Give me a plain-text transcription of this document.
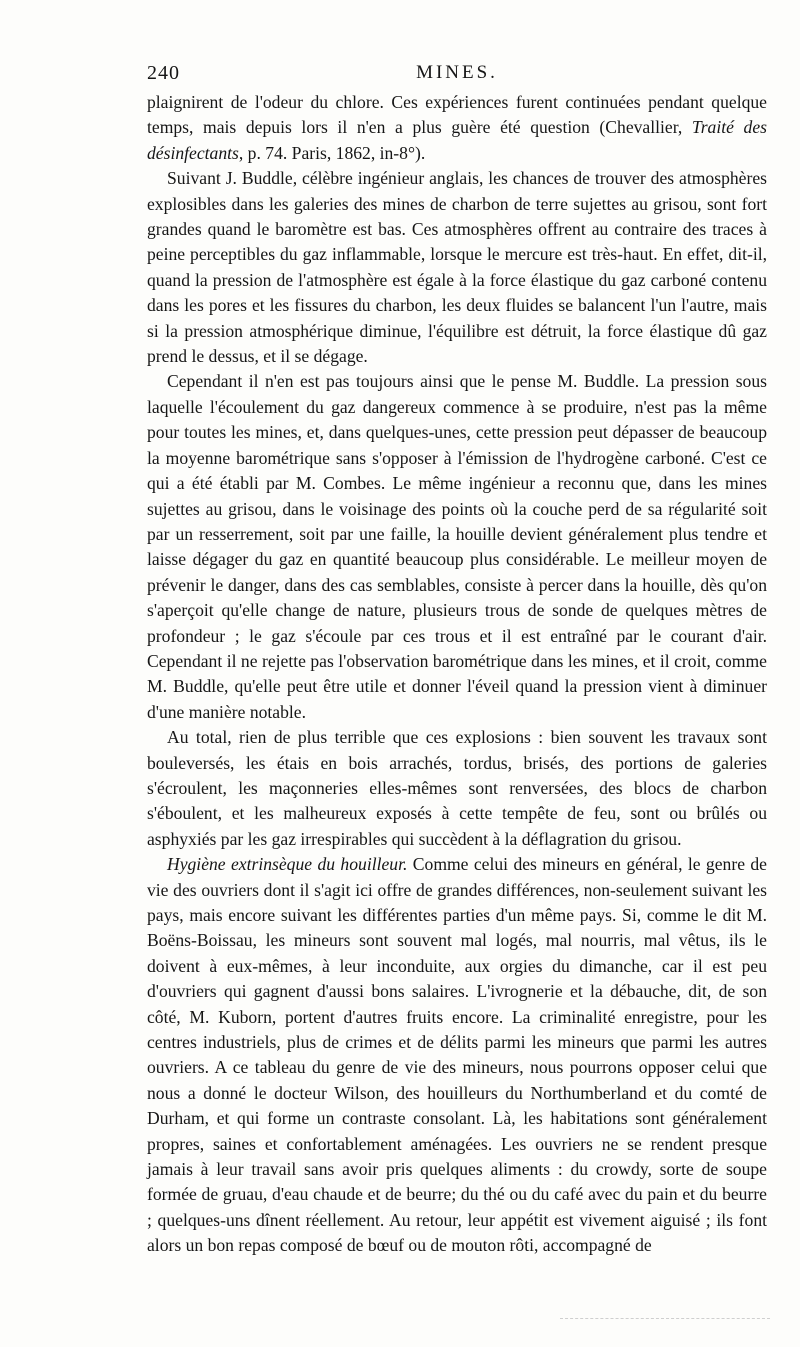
240	MINES.

plaignirent de l'odeur du chlore. Ces expériences furent continuées pendant quelque temps, mais depuis lors il n'en a plus guère été question (Chevallier, Traité des désinfectants, p. 74. Paris, 1862, in-8°).

Suivant J. Buddle, célèbre ingénieur anglais, les chances de trouver des atmosphères explosibles dans les galeries des mines de charbon de terre sujettes au grisou, sont fort grandes quand le baromètre est bas. Ces atmosphères offrent au contraire des traces à peine perceptibles du gaz inflammable, lorsque le mercure est très-haut. En effet, dit-il, quand la pression de l'atmosphère est égale à la force élastique du gaz carboné contenu dans les pores et les fissures du charbon, les deux fluides se balancent l'un l'autre, mais si la pression atmosphérique diminue, l'équilibre est détruit, la force élastique dû gaz prend le dessus, et il se dégage.

Cependant il n'en est pas toujours ainsi que le pense M. Buddle. La pression sous laquelle l'écoulement du gaz dangereux commence à se produire, n'est pas la même pour toutes les mines, et, dans quelques-unes, cette pression peut dépasser de beaucoup la moyenne barométrique sans s'opposer à l'émission de l'hydrogène carboné. C'est ce qui a été établi par M. Combes. Le même ingénieur a reconnu que, dans les mines sujettes au grisou, dans le voisinage des points où la couche perd de sa régularité soit par un resserrement, soit par une faille, la houille devient généralement plus tendre et laisse dégager du gaz en quantité beaucoup plus considérable. Le meilleur moyen de prévenir le danger, dans des cas semblables, consiste à percer dans la houille, dès qu'on s'aperçoit qu'elle change de nature, plusieurs trous de sonde de quelques mètres de profondeur ; le gaz s'écoule par ces trous et il est entraîné par le courant d'air. Cependant il ne rejette pas l'observation barométrique dans les mines, et il croit, comme M. Buddle, qu'elle peut être utile et donner l'éveil quand la pression vient à diminuer d'une manière notable.

Au total, rien de plus terrible que ces explosions : bien souvent les travaux sont bouleversés, les étais en bois arrachés, tordus, brisés, des portions de galeries s'écroulent, les maçonneries elles-mêmes sont renversées, des blocs de charbon s'éboulent, et les malheureux exposés à cette tempête de feu, sont ou brûlés ou asphyxiés par les gaz irrespirables qui succèdent à la déflagration du grisou.

Hygiène extrinsèque du houilleur. Comme celui des mineurs en général, le genre de vie des ouvriers dont il s'agit ici offre de grandes différences, non-seulement suivant les pays, mais encore suivant les différentes parties d'un même pays. Si, comme le dit M. Boëns-Boissau, les mineurs sont souvent mal logés, mal nourris, mal vêtus, ils le doivent à eux-mêmes, à leur inconduite, aux orgies du dimanche, car il est peu d'ouvriers qui gagnent d'aussi bons salaires. L'ivrognerie et la débauche, dit, de son côté, M. Kuborn, portent d'autres fruits encore. La criminalité enregistre, pour les centres industriels, plus de crimes et de délits parmi les mineurs que parmi les autres ouvriers. A ce tableau du genre de vie des mineurs, nous pourrons opposer celui que nous a donné le docteur Wilson, des houilleurs du Northumberland et du comté de Durham, et qui forme un contraste consolant. Là, les habitations sont généralement propres, saines et confortablement aménagées. Les ouvriers ne se rendent presque jamais à leur travail sans avoir pris quelques aliments : du crowdy, sorte de soupe formée de gruau, d'eau chaude et de beurre; du thé ou du café avec du pain et du beurre ; quelques-uns dînent réellement. Au retour, leur appétit est vivement aiguisé ; ils font alors un bon repas composé de bœuf ou de mouton rôti, accompagné de
